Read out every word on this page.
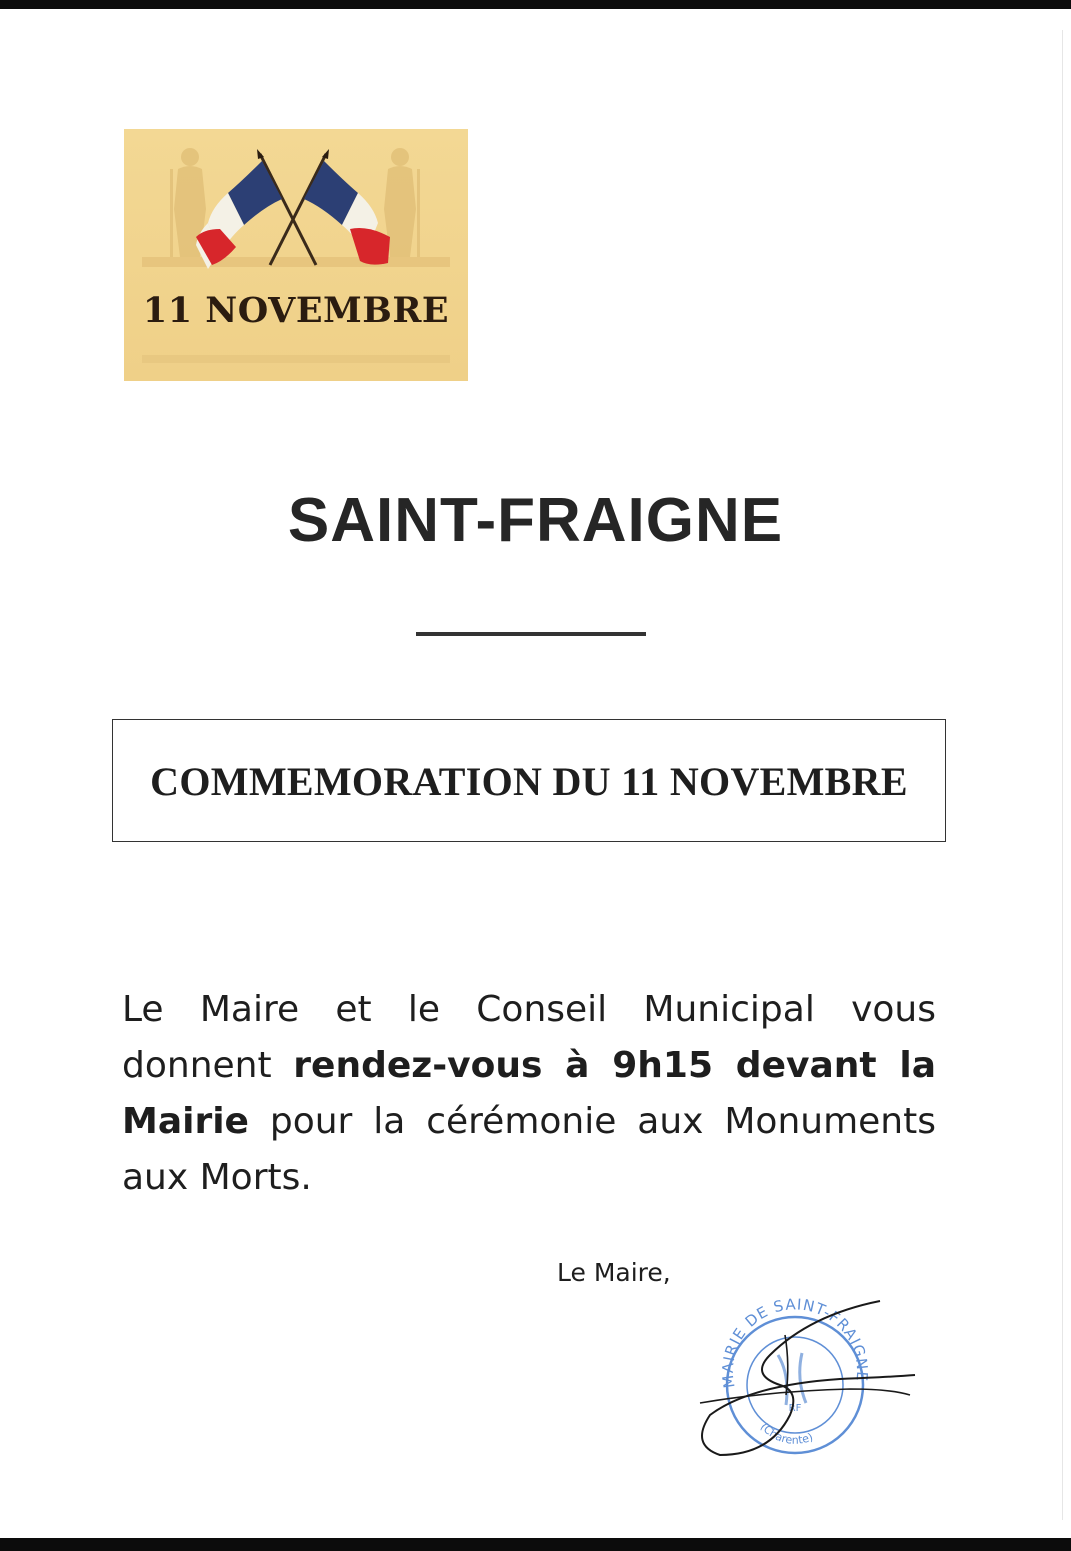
11 NOVEMBRE
SAINT-FRAIGNE
COMMEMORATION DU 11 NOVEMBRE
Le Maire et le Conseil Municipal vous donnent rendez-vous à 9h15 devant la Mairie pour la cérémonie aux Monuments aux Morts.
Le Maire,
MAIRIE DE SAINT-FRAIGNE
RF
(Charente)
